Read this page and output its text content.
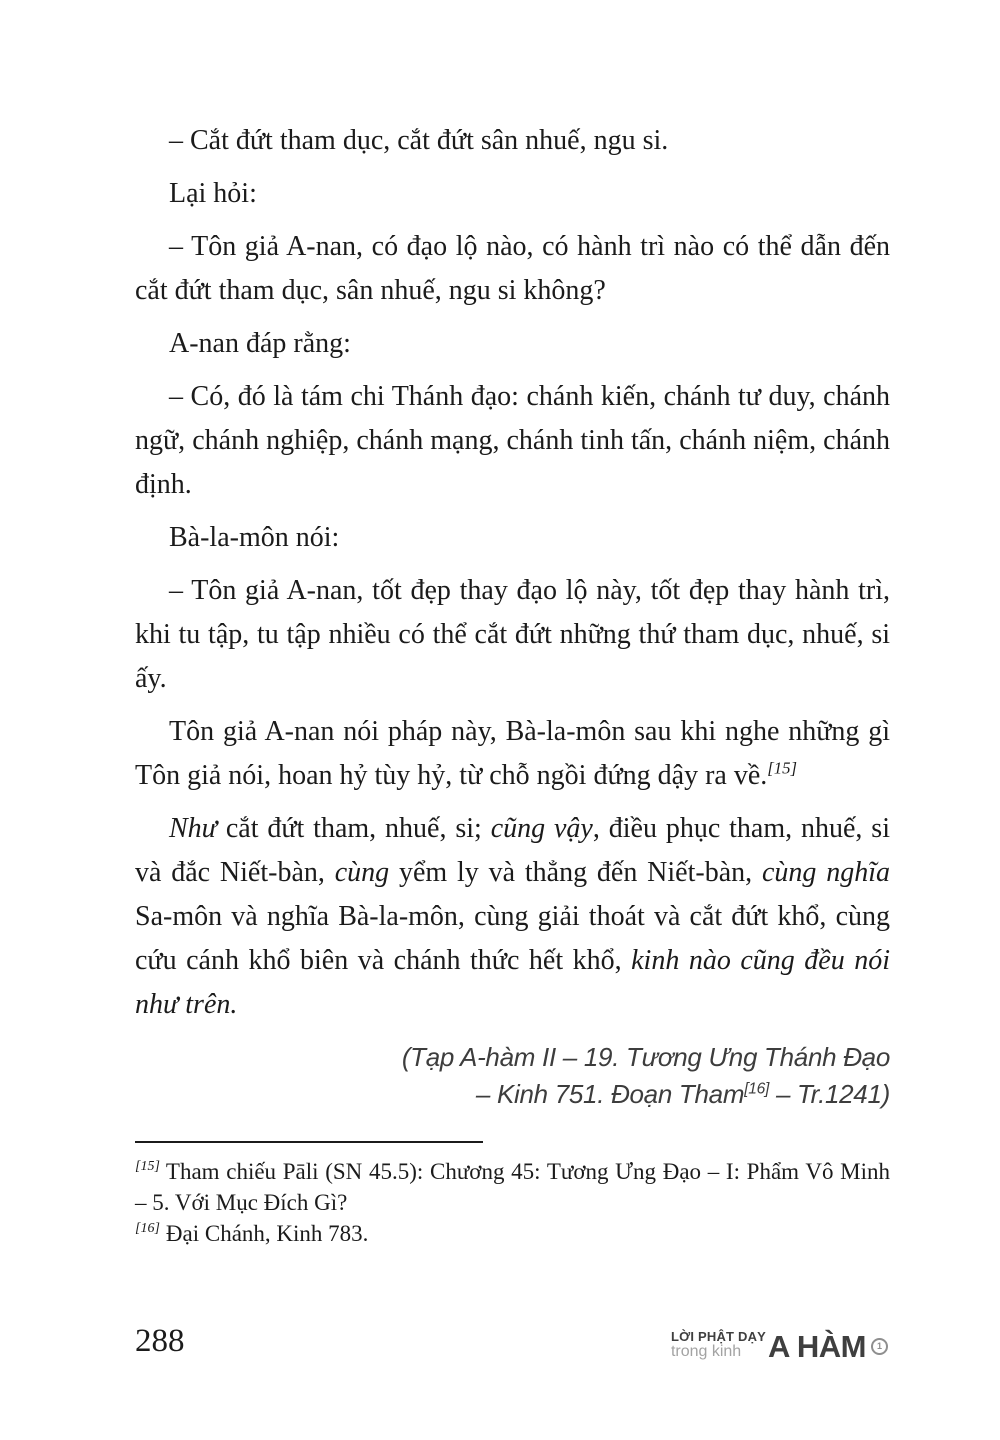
– Cắt đứt tham dục, cắt đứt sân nhuế, ngu si.

Lại hỏi:

– Tôn giả A-nan, có đạo lộ nào, có hành trì nào có thể dẫn đến cắt đứt tham dục, sân nhuế, ngu si không?

A-nan đáp rằng:

– Có, đó là tám chi Thánh đạo: chánh kiến, chánh tư duy, chánh ngữ, chánh nghiệp, chánh mạng, chánh tinh tấn, chánh niệm, chánh định.

Bà-la-môn nói:

– Tôn giả A-nan, tốt đẹp thay đạo lộ này, tốt đẹp thay hành trì, khi tu tập, tu tập nhiều có thể cắt đứt những thứ tham dục, nhuế, si ấy.

Tôn giả A-nan nói pháp này, Bà-la-môn sau khi nghe những gì Tôn giả nói, hoan hỷ tùy hỷ, từ chỗ ngồi đứng dậy ra về.[15]

Như cắt đứt tham, nhuế, si; cũng vậy, điều phục tham, nhuế, si và đắc Niết-bàn, cùng yểm ly và thẳng đến Niết-bàn, cùng nghĩa Sa-môn và nghĩa Bà-la-môn, cùng giải thoát và cắt đứt khổ, cùng cứu cánh khổ biên và chánh thức hết khổ, kinh nào cũng đều nói như trên.

(Tạp A-hàm II – 19. Tương Ưng Thánh Đạo
– Kinh 751. Đoạn Tham[16] – Tr.1241)

[15] Tham chiếu Pāli (SN 45.5): Chương 45: Tương Ưng Đạo – I: Phẩm Vô Minh – 5. Với Mục Đích Gì?

[16] Đại Chánh, Kinh 783.

288	LỜI PHẬT DẠY
trong kinh A HÀM	1
